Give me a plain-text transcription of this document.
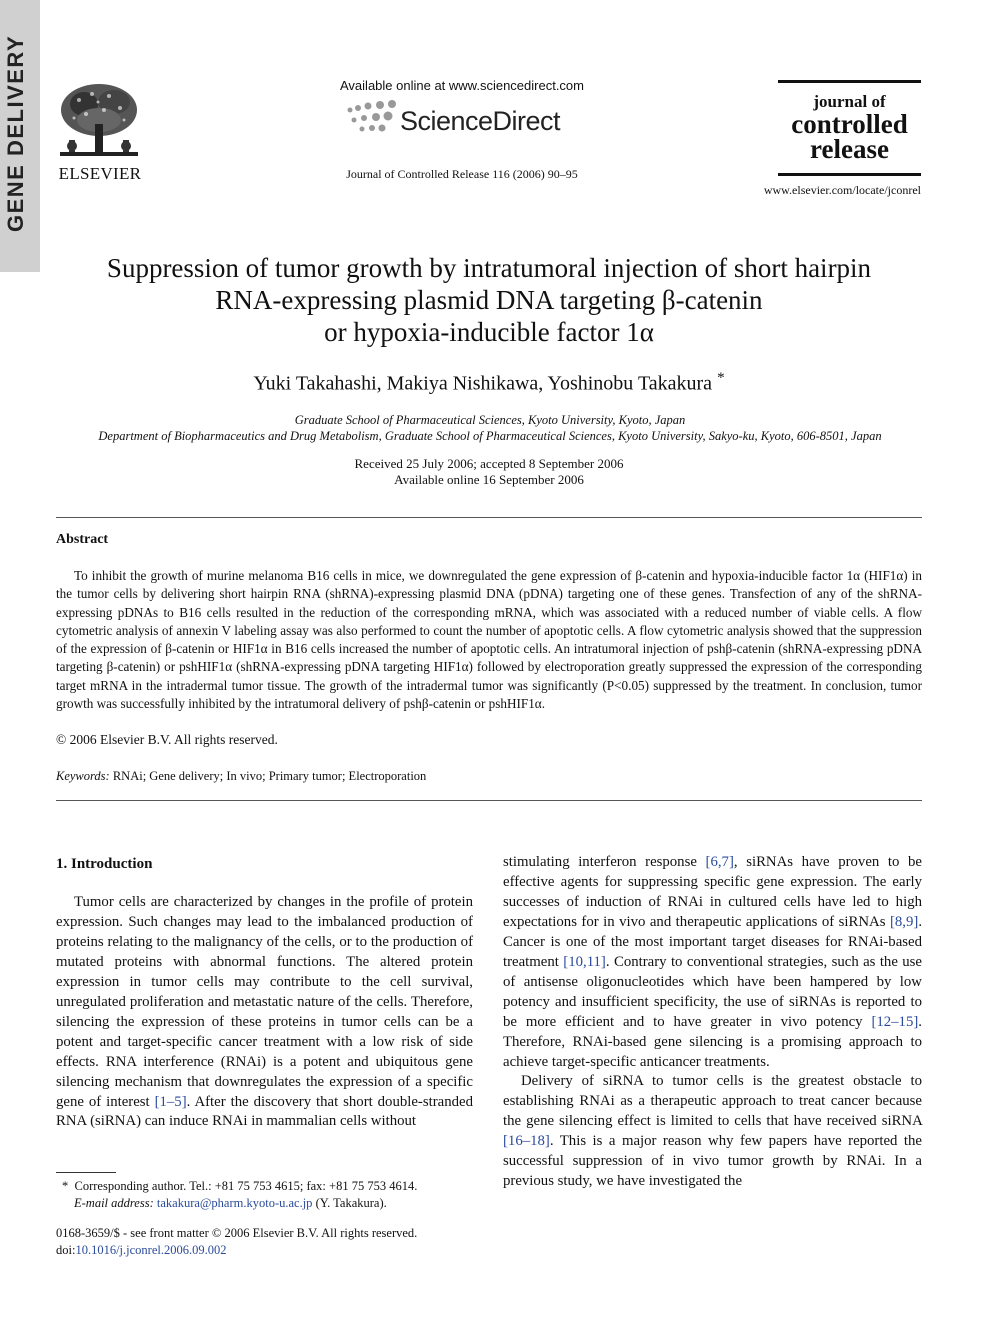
GENE DELIVERY ELSEVIER
Available online at www.sciencedirect.com
ScienceDirect
Journal of Controlled Release 116 (2006) 90–95
journal of
controlled
release
www.elsevier.com/locate/jconrel
Suppression of tumor growth by intratumoral injection of short hairpin
RNA-expressing plasmid DNA targeting β-catenin
or hypoxia-inducible factor 1α
Yuki Takahashi, Makiya Nishikawa, Yoshinobu Takakura *
Graduate School of Pharmaceutical Sciences, Kyoto University, Kyoto, Japan
Department of Biopharmaceutics and Drug Metabolism, Graduate School of Pharmaceutical Sciences, Kyoto University, Sakyo-ku, Kyoto, 606-8501, Japan
Received 25 July 2006; accepted 8 September 2006
Available online 16 September 2006
Abstract
To inhibit the growth of murine melanoma B16 cells in mice, we downregulated the gene expression of β-catenin and hypoxia-inducible factor 1α (HIF1α) in the tumor cells by delivering short hairpin RNA (shRNA)-expressing plasmid DNA (pDNA) targeting one of these genes. Transfection of any of the shRNA-expressing pDNAs to B16 cells resulted in the reduction of the corresponding mRNA, which was associated with a reduced number of viable cells. A flow cytometric analysis of annexin V labeling assay was also performed to count the number of apoptotic cells. A flow cytometric analysis showed that the suppression of the expression of β-catenin or HIF1α in B16 cells increased the number of apoptotic cells. An intratumoral injection of pshβ-catenin (shRNA-expressing pDNA targeting β-catenin) or pshHIF1α (shRNA-expressing pDNA targeting HIF1α) followed by electroporation greatly suppressed the expression of the corresponding target mRNA in the intradermal tumor tissue. The growth of the intradermal tumor was significantly (P<0.05) suppressed by the treatment. In conclusion, tumor growth was successfully inhibited by the intratumoral delivery of pshβ-catenin or pshHIF1α.
© 2006 Elsevier B.V. All rights reserved.
Keywords: RNAi; Gene delivery; In vivo; Primary tumor; Electroporation
1. Introduction

Tumor cells are characterized by changes in the profile of protein expression. Such changes may lead to the imbalanced production of proteins relating to the malignancy of the cells, or to the production of mutated proteins with abnormal functions. The altered protein expression in tumor cells may contribute to the cell survival, unregulated proliferation and metastatic nature of the cells. Therefore, silencing the expression of these proteins in tumor cells can be a potent and target-specific cancer treatment with a low risk of side effects. RNA interference (RNAi) is a potent and ubiquitous gene silencing mechanism that downregulates the expression of a specific gene of interest [1–5]. After the discovery that short double-stranded RNA (siRNA) can induce RNAi in mammalian cells without

stimulating interferon response [6,7], siRNAs have proven to be effective agents for suppressing specific gene expression. The early successes of induction of RNAi in cultured cells have led to high expectations for in vivo and therapeutic applications of siRNAs [8,9]. Cancer is one of the most important target diseases for RNAi-based treatment [10,11]. Contrary to conventional strategies, such as the use of antisense oligonucleotides which have been hampered by low potency and insufficient specificity, the use of siRNAs is reported to be more efficient and to have greater in vivo potency [12–15]. Therefore, RNAi-based gene silencing is a promising approach to achieve target-specific anticancer treatments.

Delivery of siRNA to tumor cells is the greatest obstacle to establishing RNAi as a therapeutic approach to treat cancer because the gene silencing effect is limited to cells that have received siRNA [16–18]. This is a major reason why few papers have reported the successful suppression of in vivo tumor growth by RNAi. In a previous study, we have investigated the

* Corresponding author. Tel.: +81 75 753 4615; fax: +81 75 753 4614.
E-mail address: takakura@pharm.kyoto-u.ac.jp (Y. Takakura).
0168-3659/$ - see front matter © 2006 Elsevier B.V. All rights reserved.
doi:10.1016/j.jconrel.2006.09.002
